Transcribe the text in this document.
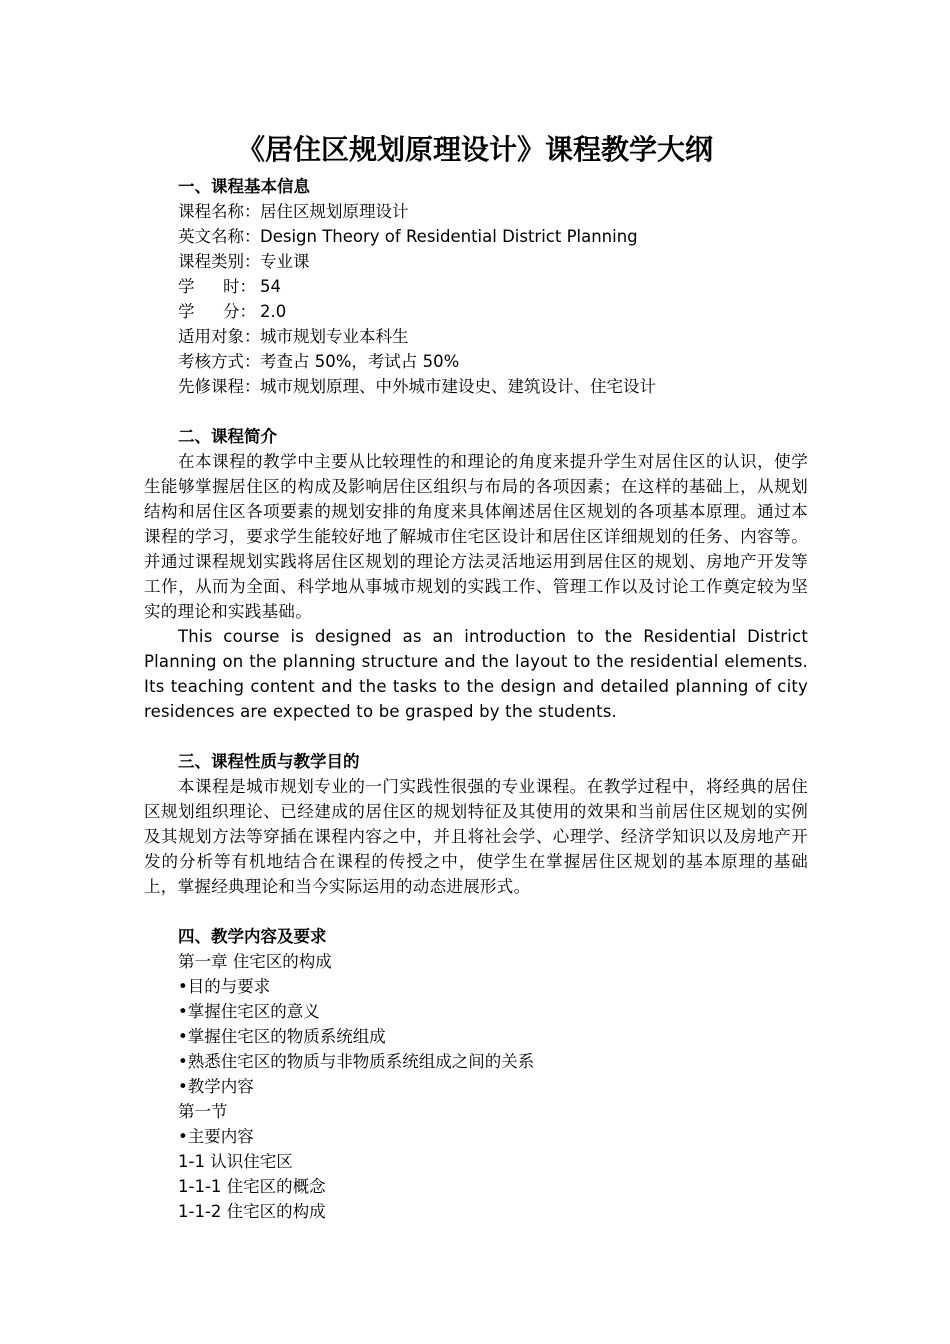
《居住区规划原理设计》课程教学大纲

一、课程基本信息

课程名称： 居住区规划原理设计

英文名称： Design Theory of Residential District Planning

课程类别： 专业课

学 时： 54

学 分： 2.0

适用对象： 城市规划专业本科生

考核方式： 考查占 50%，考试占 50%

先修课程： 城市规划原理、中外城市建设史、建筑设计、住宅设计

二、课程简介

在本课程的教学中主要从比较理性的和理论的角度来提升学生对居住区的认识，使学生能够掌握居住区的构成及影响居住区组织与布局的各项因素；在这样的基础上，从规划结构和居住区各项要素的规划安排的角度来具体阐述居住区规划的各项基本原理。通过本课程的学习，要求学生能较好地了解城市住宅区设计和居住区详细规划的任务、内容等。并通过课程规划实践将居住区规划的理论方法灵活地运用到居住区的规划、房地产开发等工作，从而为全面、科学地从事城市规划的实践工作、管理工作以及讨论工作奠定较为坚实的理论和实践基础。

This course is designed as an introduction to the Residential District Planning on the planning structure and the layout to the residential elements. Its teaching content and the tasks to the design and detailed planning of city residences are expected to be grasped by the students.

三、课程性质与教学目的

本课程是城市规划专业的一门实践性很强的专业课程。在教学过程中，将经典的居住区规划组织理论、已经建成的居住区的规划特征及其使用的效果和当前居住区规划的实例及其规划方法等穿插在课程内容之中，并且将社会学、心理学、经济学知识以及房地产开发的分析等有机地结合在课程的传授之中，使学生在掌握居住区规划的基本原理的基础上，掌握经典理论和当今实际运用的动态进展形式。

四、教学内容及要求

第一章 住宅区的构成

•目的与要求

•掌握住宅区的意义

•掌握住宅区的物质系统组成

•熟悉住宅区的物质与非物质系统组成之间的关系

•教学内容

第一节

•主要内容

1-1 认识住宅区

1-1-1 住宅区的概念

1-1-2 住宅区的构成
